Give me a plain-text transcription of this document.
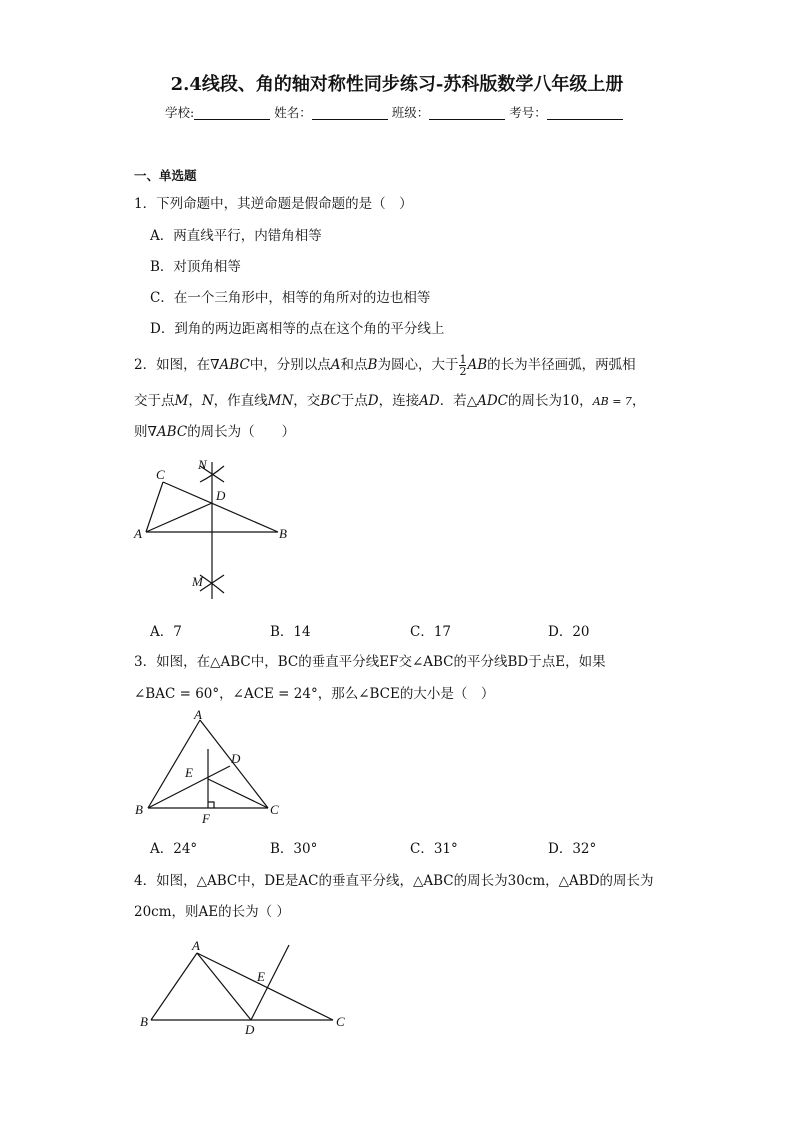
2.4线段、角的轴对称性同步练习-苏科版数学八年级上册
学校:	姓名：	班级：	考号：
一、单选题
1．下列命题中，其逆命题是假命题的是（　）
A．两直线平行，内错角相等
B．对顶角相等
C．在一个三角形中，相等的角所对的边也相等
D．到角的两边距离相等的点在这个角的平分线上
2．如图，在∇ABC中，分别以点A和点B为圆心，大于 $\frac{1}{2}$ AB的长为半径画弧，两弧相
交于点M，N，作直线MN，交BC于点D，连接AD．若△ADC的周长为10，AB = 7，
则∇ABC的周长为（　　）
C
N
D
A	B
M
A．7	B．14	C．17	D．20
3．如图，在△ABC中，BC的垂直平分线EF交∠ABC的平分线BD于点E，如果
∠BAC = 60°，∠ACE = 24°，那么∠BCE的大小是（　）
A
D
E
B	C
F
A．24°	B．30°	C．31°	D．32°
4．如图，△ABC中，DE是AC的垂直平分线，△ABC的周长为30cm，△ABD的周长为
20cm，则AE的长为（ ）
A
E
B
D
C
